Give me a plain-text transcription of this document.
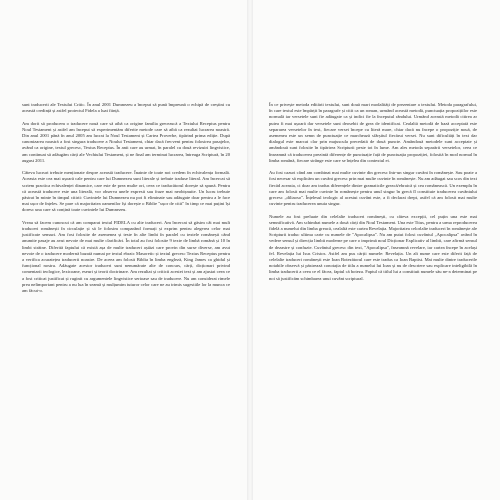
sunt traducerii ale Textului Critic. În anul 2001 Dumnezeu a început să pună împreună o echipă de creștini cu această credință și astfel proiectul Fidela a luat ființă.

Am dorit să producem o traducere nouă care să aibă ca origine familia grecească a Textului Receptus pentru Noul Testament și astfel am început să experimentăm diferite metode care să aibă ca rezultat lucrarea noastră. Din anul 2001 până în anul 2005 am lucrat la Noul Testament și Cartea Proverbe, tipărind prima ediție. După canonizarea noastră a fost singura traducere a Noului Testament, chiar dacă frecvent pentru folosirea pasajelor, având ca origine, textul grecesc, Textus Receptus. În anii care au urmat, în paralel cu două revizuiri lingvistice, am continuat să adăugăm cărți ale Vechiului Testament, și ne final am terminat lucrarea, întreaga Scriptură, în 20 august 2011.

Câteva lucruri trebuie menționate despre această traducere. Înainte de toate noi credem în echivalența formală. Aceasta este cea mai ușoară cale pentru care lui Dumnezeu sunt literale și trebuie traduse literal. Am încercat să scriem practica echivalenței dinamice, care este de prea multe ori, ceea ce traducătorul dorește să spună. Pentru că această traducere este una literală, vor observa unele expresii sau fraze mai neobișnuite. Un lucru trebuie păstrat în minte în timpul citirii: Cuvintele lui Dumnezeu nu pot fi eliminate sau adăugate doar pentru a le face mai ușor de înțeles. Se pare că majoritatea oamenilor își dorește o Biblie "ușor de citit" în timp ce mai puțini își doresc una care să conțină toate cuvintele lui Dumnezeu.

Vreau să facem cunoscut că am comparat textul FIDELA cu alte traduceri. Am încercat să găsim cât mai mult traduceri românești în circulație și să le folosim comparând formați și exprim pentru alegerea celor mai justificate sensuri. Am fost folosite de asemenea și teste în alte limbi în paralel cu textele românești când anumite pasaje au avut nevoie de mai multe clarificări. În total au fost folosite 9 texte de limbă română și 10 în limbi străine. Diferită faptului că există așa de multe traduceri aștăzi care provin din surse diverse, am avut nevoie de o traducere modernă bazată numai pe textul ebraic Masoretic și textul grecesc Textus Receptus pentru a verifica acuratețea traducerii noastre. De aceea am folosit Biblia în limba engleză, King James ca ghidul și funcțional nostru. Adăugate acestor traduceri sunt nenumărate alte de concurs, cărți, dicționari privind comentarii teologice, lexicoane, eseuri și teorii doctrinare. Am rezultat și criticii acestei text și am ajustat ceea ce a fost criticat justificat și ruginit cu argumentele lingvistice serioase sau de traducere. Nu am considerat rimele prea nelimportant pentru a nu lua în seamă și mulțumim tuturor celor care ne au trimis sugestiile lor la munca ce am făcut-o.

În ce privește metoda editării textului, sunt două mari modalități de prezentare a textului. Metoda paragrafului, în care textul este împărțit în paragrafe și citit ca un roman, urmând această metodă, punctuația propozițiilor este normală iar versetele sunt fie adăugate ca și indici fie la începutul rândului. Urmând această metodă citirea ar putea fi mai ușoară dar versetele sunt deosebit de grea de identificat. Cealaltă metodă de bază acceptată este separarea versetelor în text, fiecare verset începe cu literă mare, chiar dacă nu începe o propoziție nouă, de asemenea este un semn de punctuație ce marchează sfârșitul fiecărui verset. Nu sunt dificultăți în text dar dialogul este marcat clar prin majuscula precedată de două puncte. Amândouă metodele sunt acceptate și amândouă sunt folosite în tipărirea Scripturii peste tot în lume. Am ales metoda separării versetelor, ceea ce înseamnă că traducerea prezintă diferențe de punctuație față de punctuația propoziției, folosită în mod normal în limba română, fiecare strânge este care se înțelea din contextul ei.

Au fost cazuri când am combinat mai multe cuvinte din grecesc într-un singur cuvânt în românește. Sau poate a fost necesar să explicăm un cuvânt grecesc prin mai multe cuvinte în românește. Nu am adăugat sau scos din text fiecăd aceasta, ci doar am tradus diferențele dintre gramaticile greacă/ebraică și cea românească. Un exemplu în care am folosit mai multe cuvinte în românește pentru unul singur în grecă îl constituie traducerea cuvântului grecesc „diliaoso". Înțelesul teologic al acestui cuvânt este, a fi declarat drept, astfel că am folosit mai multe cuvinte pentru traducerea unuia singur.

Numele au fost preluate din celelalte traduceri românești, cu câteva excepții, cel puțin una este mai semnificativă. Am schimbat numele a două cărți din Noul Testament. Una este Titus, pentru a urma reproducerea fidelă a numelui din limba greacă, cealaltă este cartea Revelația. Majoritatea celorlalte traduceri în românește ale Scripturii traduc ultima carte cu numele de "Apocalipsa". Nu am putut folosi cuvântul „Apocalipsa" având în vedere sensul și direcția limbii moderne pe care o imprimă noul Dicționar Explicativ al limbii, care afirmă sensul de dezastre și confuzie. Cuvântul grecesc din text, "Apocalipsa", înseamnă revelare, iar cartea începe în același fel. Revelația lui Isus Cristos. Astfel am pus cărții numele: Revelația. Un alt nume care este diferit față de celelalte traduceri românești este Ioan Botezătorul care este tradus ca Ioan Baptist. Mai multe dintre traducerile notabile observă și păstrează conotația de titlu a numelui lui Ioan și nu de descriere sau explicare inteligibilă în limba traducerii a ceea ce el făcea, faptul că boteza. Faptul că titlul lui a constituit numele său ne-a determinat pe noi să justificăm schimbarea unui cuvânt scriptural.
